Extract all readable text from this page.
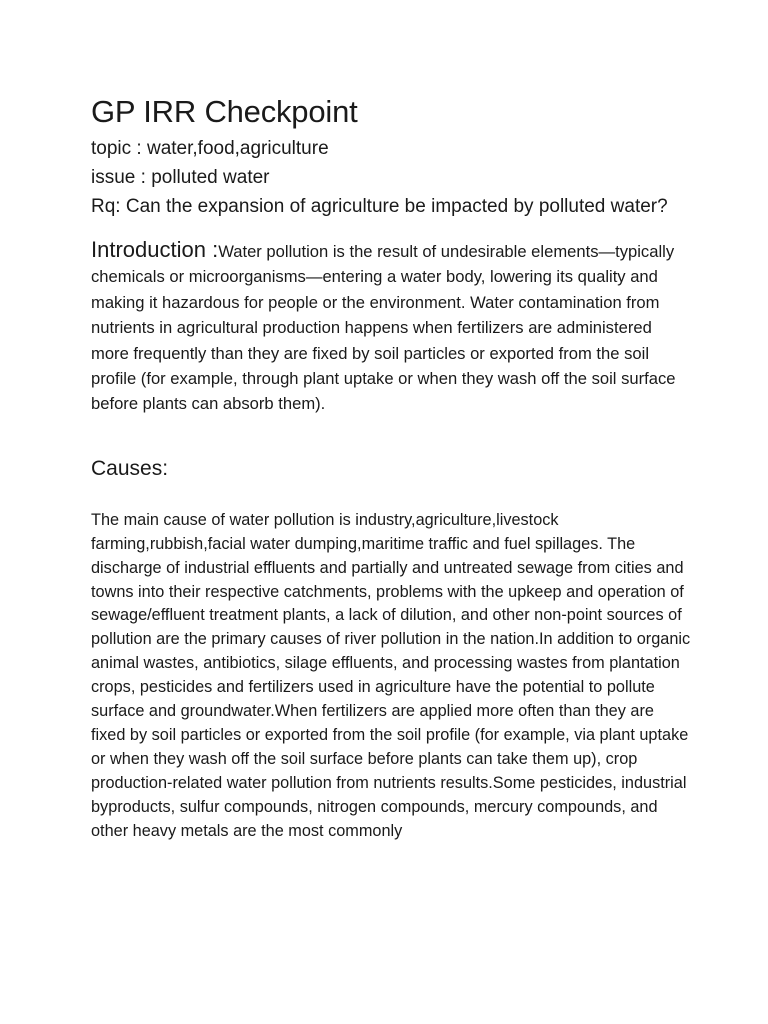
GP IRR Checkpoint

topic : water,food,agriculture

issue : polluted water

Rq: Can the expansion of agriculture be impacted by polluted water?

Introduction :Water pollution is the result of undesirable elements—typically chemicals or microorganisms—entering a water body, lowering its quality and making it hazardous for people or the environment. Water contamination from nutrients in agricultural production happens when fertilizers are administered more frequently than they are fixed by soil particles or exported from the soil profile (for example, through plant uptake or when they wash off the soil surface before plants can absorb them).

Causes:

The main cause of water pollution is industry,agriculture,livestock farming,rubbish,facial water dumping,maritime traffic and fuel spillages. The discharge of industrial effluents and partially and untreated sewage from cities and towns into their respective catchments, problems with the upkeep and operation of sewage/effluent treatment plants, a lack of dilution, and other non-point sources of pollution are the primary causes of river pollution in the nation.In addition to organic animal wastes, antibiotics, silage effluents, and processing wastes from plantation crops, pesticides and fertilizers used in agriculture have the potential to pollute surface and groundwater.When fertilizers are applied more often than they are fixed by soil particles or exported from the soil profile (for example, via plant uptake or when they wash off the soil surface before plants can take them up), crop production-related water pollution from nutrients results.Some pesticides, industrial byproducts, sulfur compounds, nitrogen compounds, mercury compounds, and other heavy metals are the most commonly
